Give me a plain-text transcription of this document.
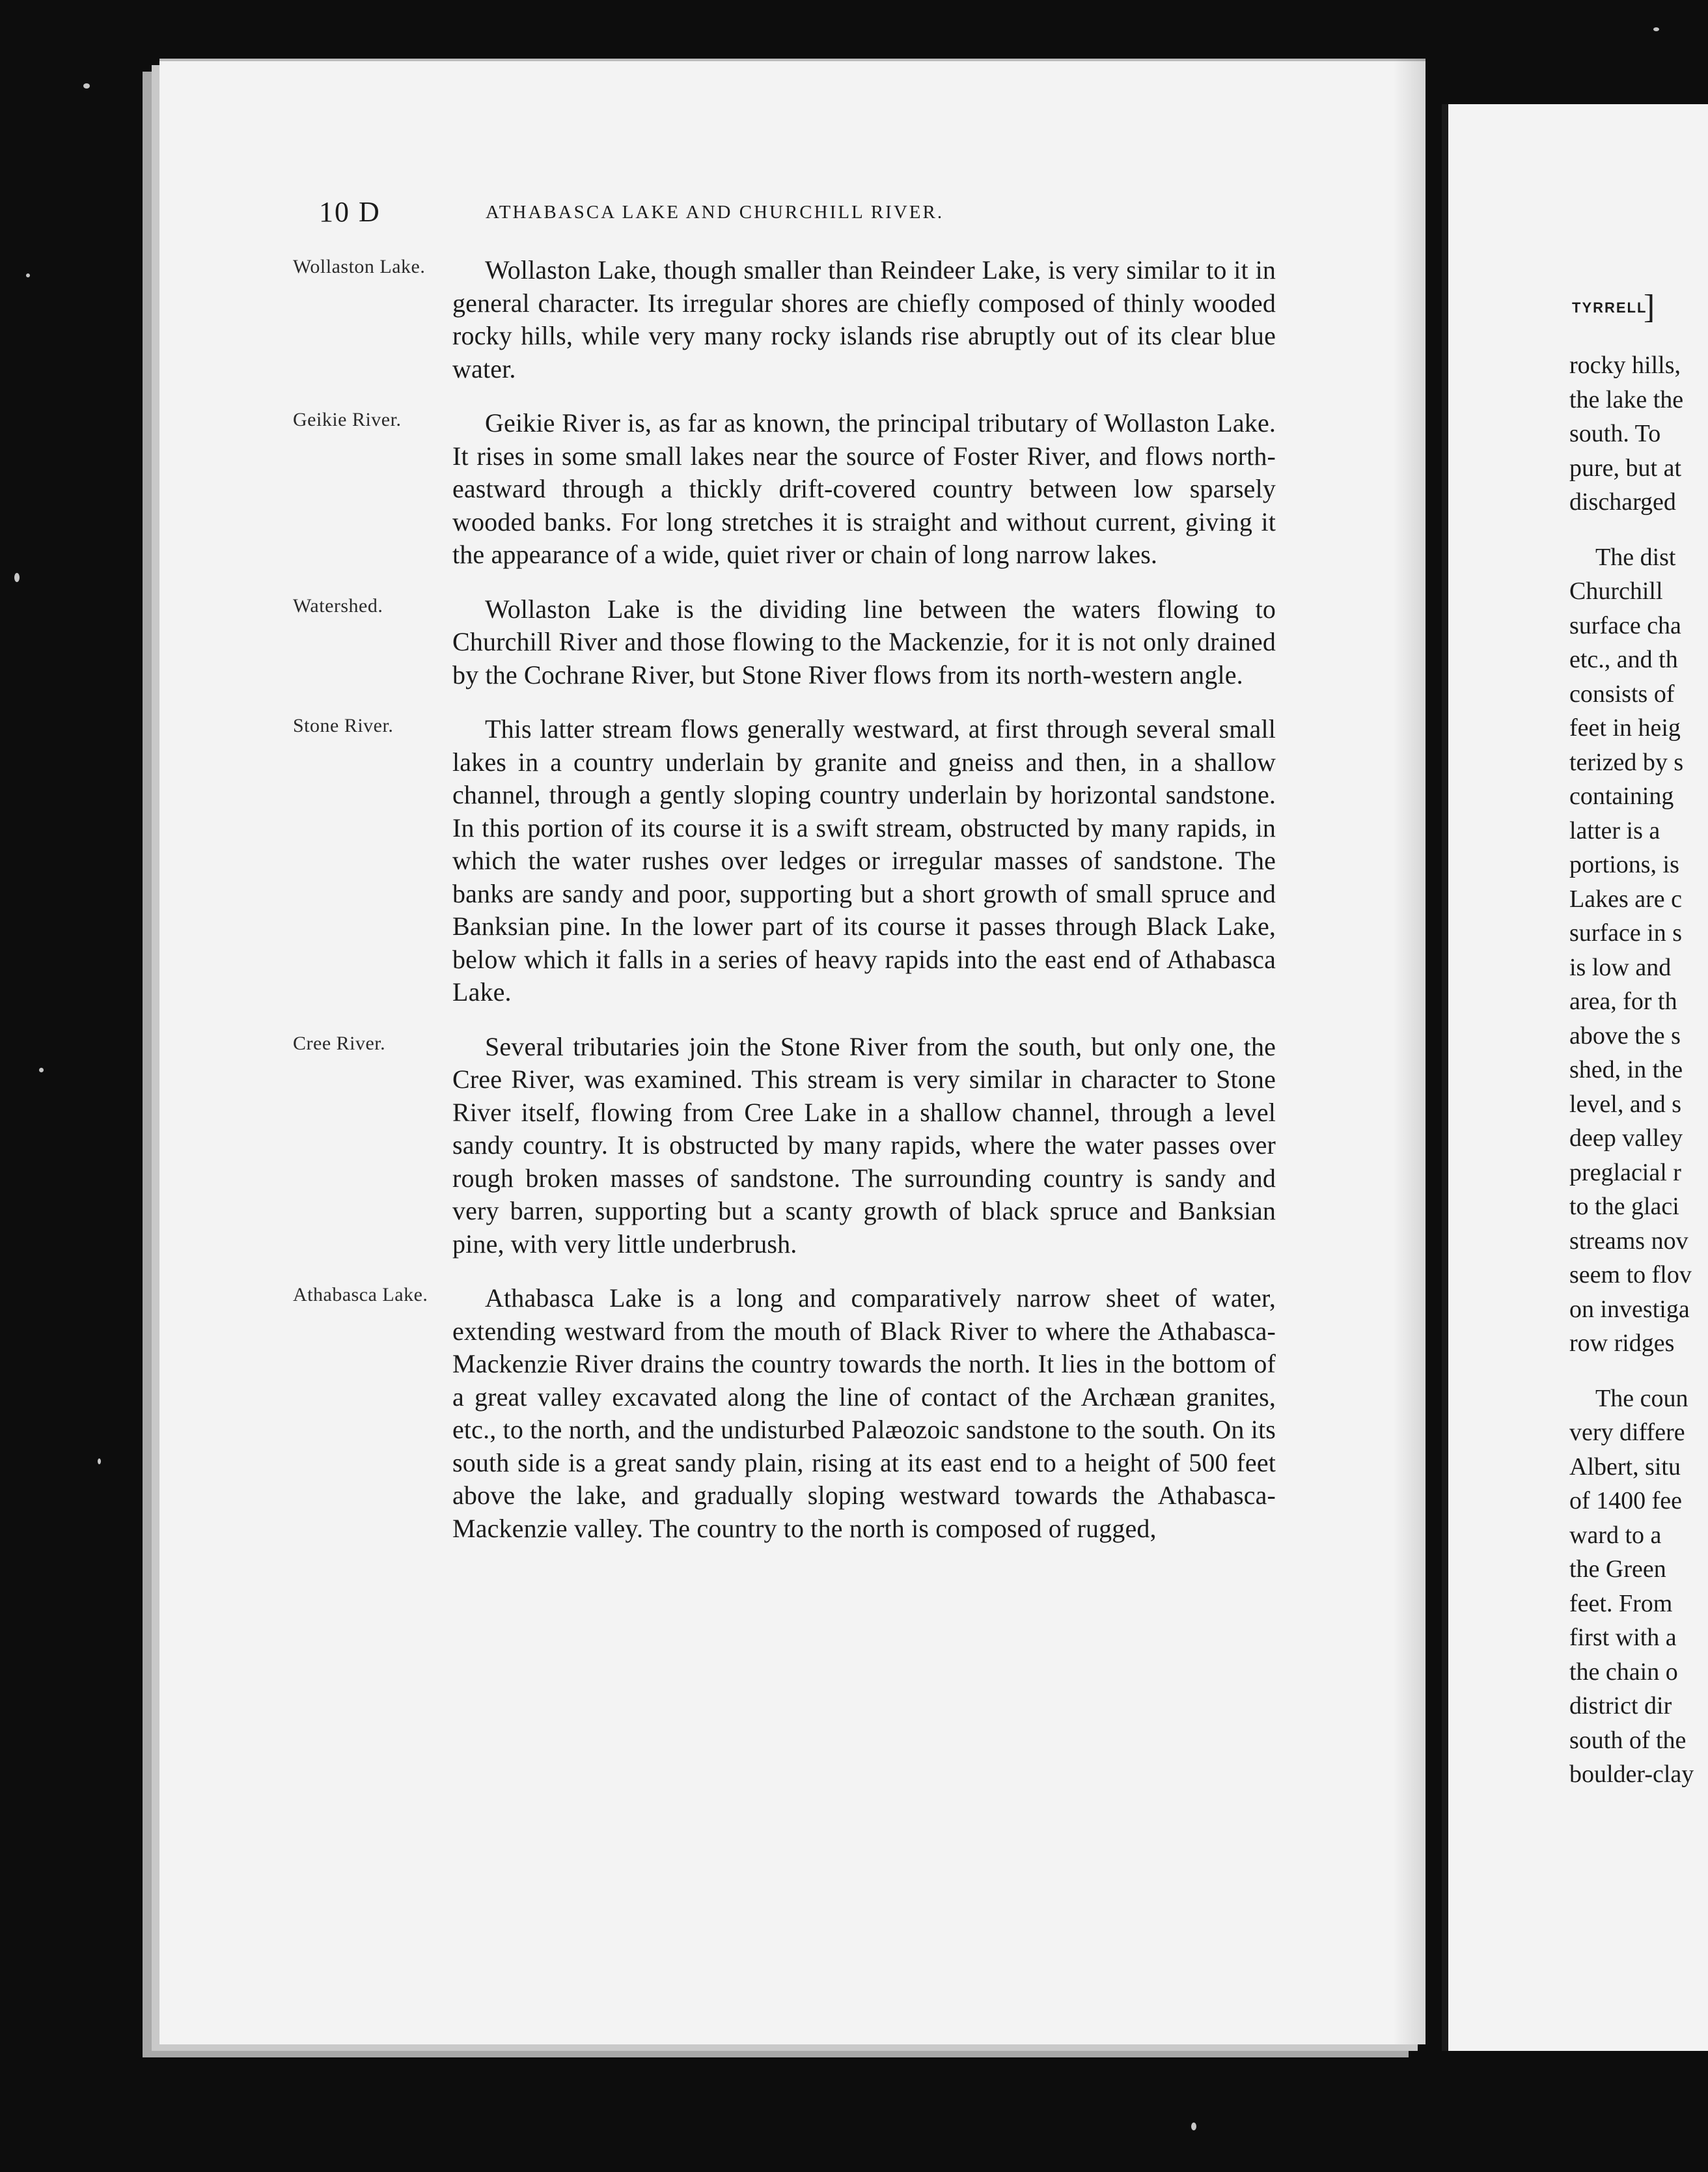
10 D	ATHABASCA LAKE AND CHURCHILL RIVER.
Wollaston Lake.	Wollaston Lake, though smaller than Reindeer Lake, is very similar to it in general character. Its irregular shores are chiefly composed of thinly wooded rocky hills, while very many rocky islands rise abruptly out of its clear blue water.

Geikie River.	Geikie River is, as far as known, the principal tributary of Wollaston Lake. It rises in some small lakes near the source of Foster River, and flows north-eastward through a thickly drift-covered country between low sparsely wooded banks. For long stretches it is straight and without current, giving it the appearance of a wide, quiet river or chain of long narrow lakes.

Watershed.	Wollaston Lake is the dividing line between the waters flowing to Churchill River and those flowing to the Mackenzie, for it is not only drained by the Cochrane River, but Stone River flows from its north-western angle.

Stone River.	This latter stream flows generally westward, at first through several small lakes in a country underlain by granite and gneiss and then, in a shallow channel, through a gently sloping country underlain by horizontal sandstone. In this portion of its course it is a swift stream, obstructed by many rapids, in which the water rushes over ledges or irregular masses of sandstone. The banks are sandy and poor, supporting but a short growth of small spruce and Banksian pine. In the lower part of its course it passes through Black Lake, below which it falls in a series of heavy rapids into the east end of Athabasca Lake.

Cree River.	Several tributaries join the Stone River from the south, but only one, the Cree River, was examined. This stream is very similar in character to Stone River itself, flowing from Cree Lake in a shallow channel, through a level sandy country. It is obstructed by many rapids, where the water passes over rough broken masses of sandstone. The surrounding country is sandy and very barren, supporting but a scanty growth of black spruce and Banksian pine, with very little underbrush.

Athabasca Lake.	Athabasca Lake is a long and comparatively narrow sheet of water, extending westward from the mouth of Black River to where the Athabasca-Mackenzie River drains the country towards the north. It lies in the bottom of a great valley excavated along the line of contact of the Archæan granites, etc., to the north, and the undisturbed Palæozoic sandstone to the south. On its south side is a great sandy plain, rising at its east end to a height of 500 feet above the lake, and gradually sloping westward towards the Athabasca-Mackenzie valley. The country to the north is composed of rugged,

TYRRELL
]
rocky hills,
the lake the
south. To
pure, but at
discharged
The dist
Churchill
surface cha
etc., and th
consists of
feet in heig
terized by s
containing
latter is a
portions, is
Lakes are c
surface in s
is low and
area, for th
above the s
shed, in the
level, and s
deep valley
preglacial r
to the glaci
streams nov
seem to flov
on investiga
row ridges
The coun
very differe
Albert, situ
of 1400 fee
ward to a
the Green
feet. From
first with a
the chain o
district dir
south of the
boulder-clay
